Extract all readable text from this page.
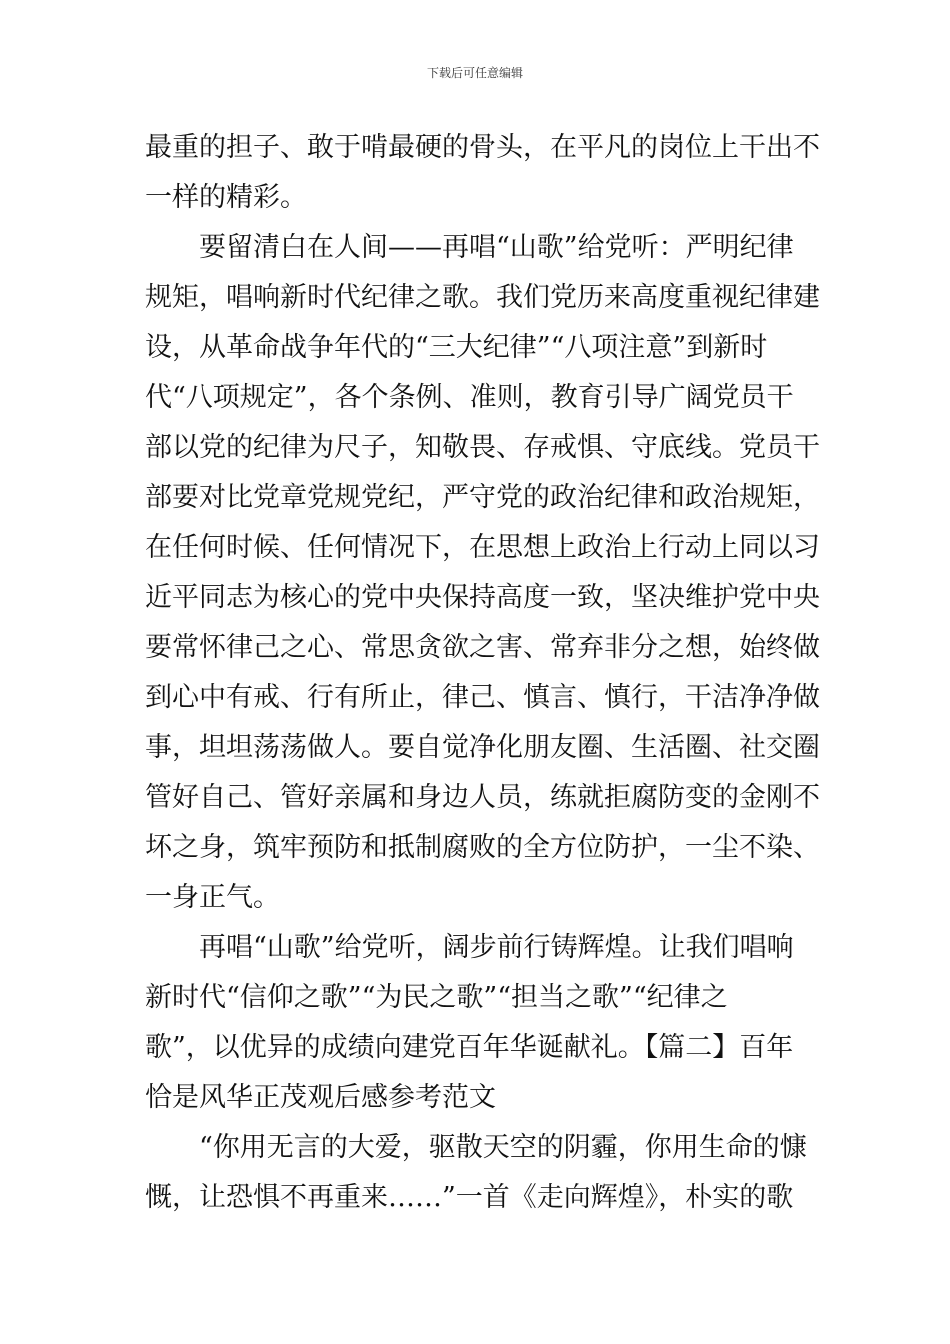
下载后可任意编辑
最重的担子、敢于啃最硬的骨头，在平凡的岗位上干出不
一样的精彩。
要留清白在人间——再唱“山歌”给党听：严明纪律
规矩，唱响新时代纪律之歌。我们党历来高度重视纪律建
设，从革命战争年代的“三大纪律”“八项注意”到新时
代“八项规定”，各个条例、准则，教育引导广阔党员干
部以党的纪律为尺子，知敬畏、存戒惧、守底线。党员干
部要对比党章党规党纪，严守党的政治纪律和政治规矩，
在任何时候、任何情况下，在思想上政治上行动上同以习
近平同志为核心的党中央保持高度一致，坚决维护党中央
要常怀律己之心、常思贪欲之害、常弃非分之想，始终做
到心中有戒、行有所止，律己、慎言、慎行，干洁净净做
事，坦坦荡荡做人。要自觉净化朋友圈、生活圈、社交圈
管好自己、管好亲属和身边人员，练就拒腐防变的金刚不
坏之身，筑牢预防和抵制腐败的全方位防护，一尘不染、
一身正气。
再唱“山歌”给党听，阔步前行铸辉煌。让我们唱响
新时代“信仰之歌”“为民之歌”“担当之歌”“纪律之
歌”，以优异的成绩向建党百年华诞献礼。【篇二】百年
恰是风华正茂观后感参考范文
“你用无言的大爱，驱散天空的阴霾，你用生命的慷
慨，让恐惧不再重来……”一首《走向辉煌》，朴实的歌
